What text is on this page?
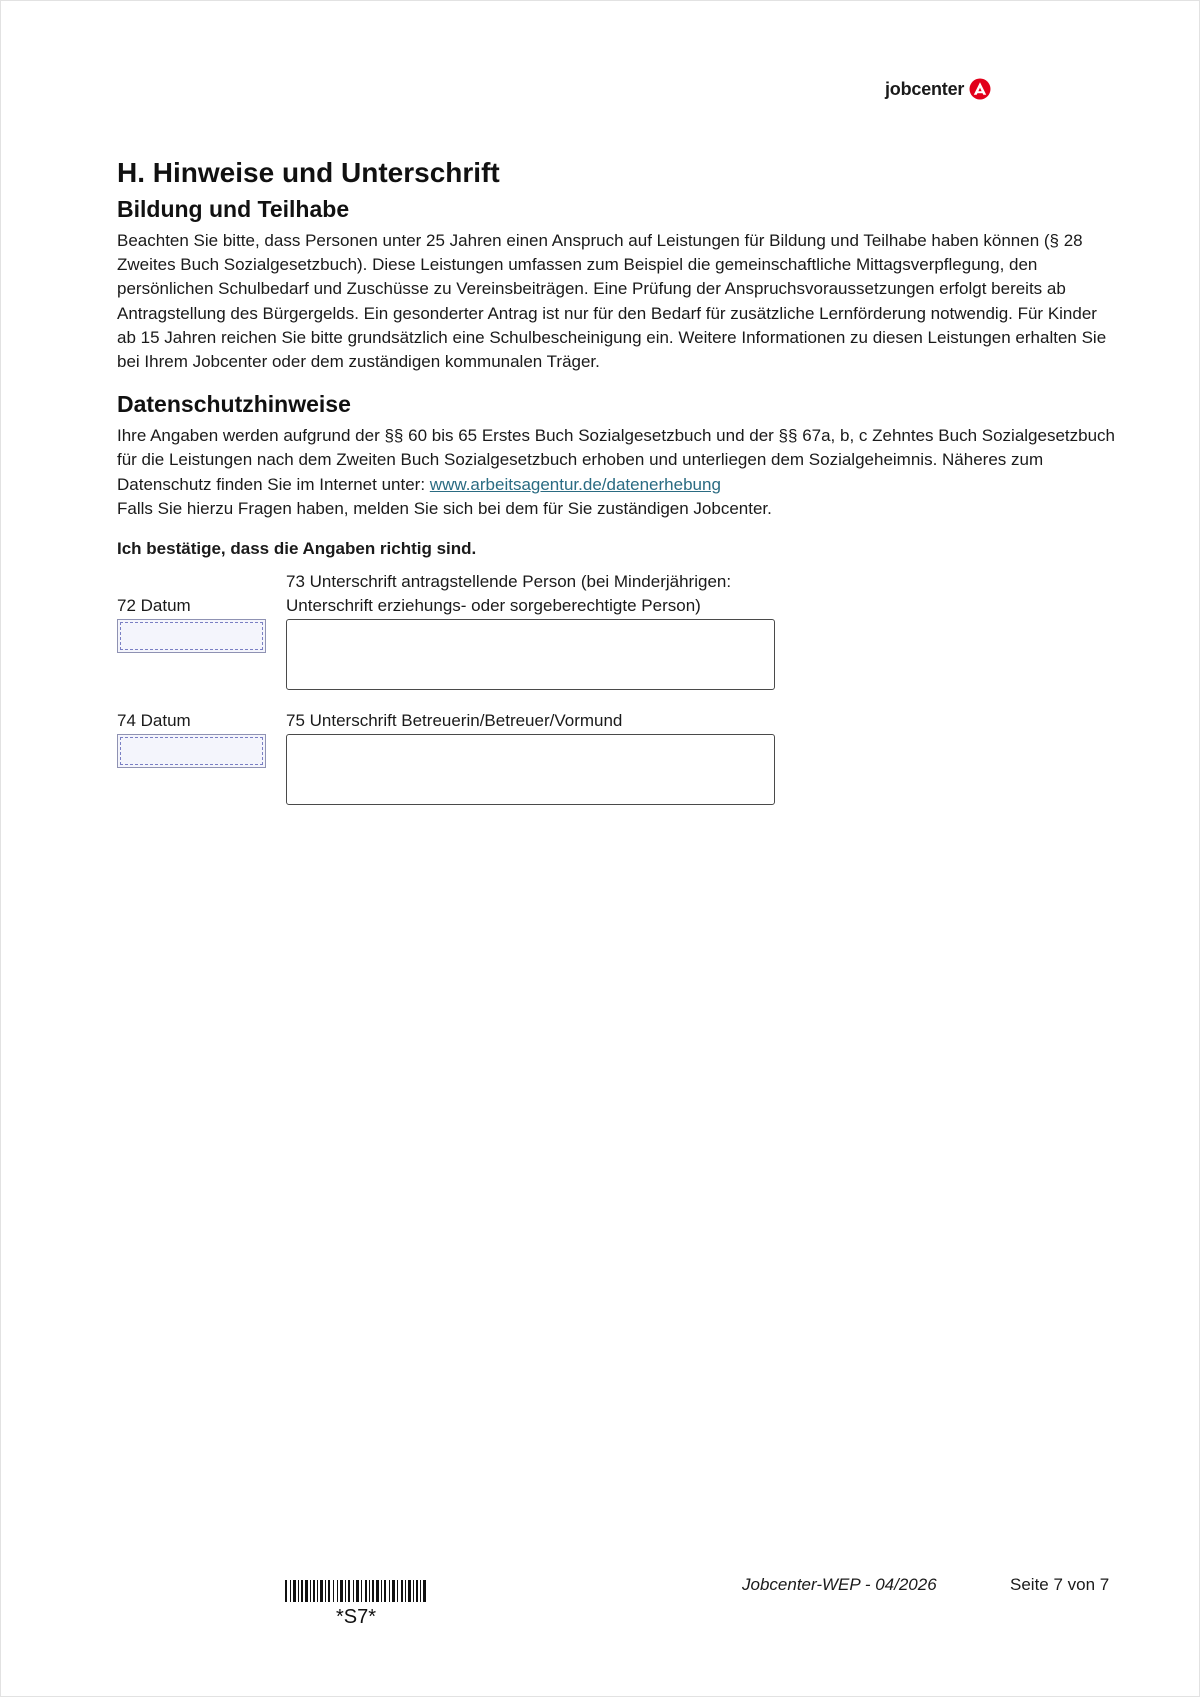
jobcenter
H. Hinweise und Unterschrift
Bildung und Teilhabe

Beachten Sie bitte, dass Personen unter 25 Jahren einen Anspruch auf Leistungen für Bildung und Teilhabe haben können (§ 28 Zweites Buch Sozialgesetzbuch). Diese Leistungen umfassen zum Beispiel die gemeinschaftliche Mittagsverpflegung, den persönlichen Schulbedarf und Zuschüsse zu Vereinsbeiträgen. Eine Prüfung der Anspruchsvoraussetzungen erfolgt bereits ab Antragstellung des Bürgergelds. Ein gesonderter Antrag ist nur für den Bedarf für zusätzliche Lernförderung notwendig. Für Kinder ab 15 Jahren reichen Sie bitte grundsätzlich eine Schulbescheinigung ein. Weitere Informationen zu diesen Leistungen erhalten Sie bei Ihrem Jobcenter oder dem zuständigen kommunalen Träger.

Datenschutzhinweise

Ihre Angaben werden aufgrund der §§ 60 bis 65 Erstes Buch Sozialgesetzbuch und der §§ 67a, b, c Zehntes Buch Sozialgesetzbuch für die Leistungen nach dem Zweiten Buch Sozialgesetzbuch erhoben und unterliegen dem Sozialgeheimnis. Näheres zum Datenschutz finden Sie im Internet unter: www.arbeitsagentur.de/datenerhebung
Falls Sie hierzu Fragen haben, melden Sie sich bei dem für Sie zuständigen Jobcenter.

Ich bestätige, dass die Angaben richtig sind.

72 Datum
73 Unterschrift antragstellende Person (bei Minderjährigen:
Unterschrift erziehungs- oder sorgeberechtigte Person)
74 Datum	75 Unterschrift Betreuerin/Betreuer/Vormund
*S7*
Jobcenter-WEP - 04/2026	Seite 7 von 7
